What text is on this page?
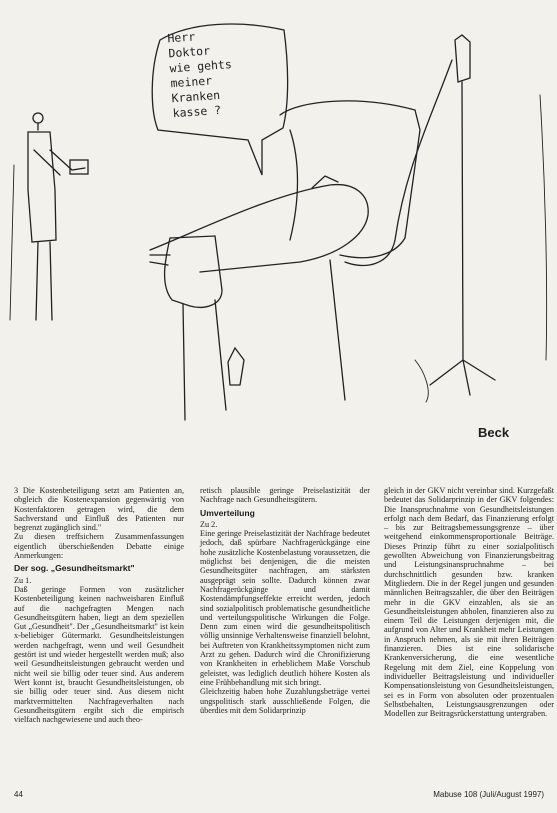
Herr
Doktor
wie gehts
meiner
Kranken
kasse ?
Beck

3 Die Kostenbeteiligung setzt am Patienten an, obgleich die Kostenexpansion gegenwärtig von Kostenfaktoren getragen wird, die dem Sachverstand und Einfluß des Patienten nur begrenzt zugänglich sind."

Zu diesen treffsichern Zusammenfassungen eigentlich überschießenden Debatte einige Anmerkungen:

Der sog. „Gesundheitsmarkt"

Zu 1.

Daß geringe Formen von zusätzlicher Kostenbeteiligung keinen nachweisbaren Einfluß auf die nachgefragten Mengen nach Gesundheitsgütern haben, liegt an dem speziellen Gut „Gesundheit". Der „Gesundheitsmarkt" ist kein x-beliebiger Gütermarkt. Gesundheitsleistungen werden nachgefragt, wenn und weil Gesundheit gestört ist und wieder hergestellt werden muß; also weil Gesundheitsleistungen gebraucht werden und nicht weil sie billig oder teuer sind. Aus anderem Wert konnt ist, braucht Gesundheitsleistungen, ob sie billig oder teuer sind. Aus diesem nicht marktvermittelten Nachfrageverhalten nach Gesundheitsgütern ergibt sich die empirisch vielfach nachgewiesene und auch theo-

retisch plausible geringe Preiselastizität der Nachfrage nach Gesundheitsgütern.

Umverteilung

Zu 2.

Eine geringe Preiselastizität der Nachfrage bedeutet jedoch, daß spürbare Nachfragerückgänge eine hohe zusätzliche Kostenbelastung voraussetzen, die möglichst bei denjenigen, die die meisten Gesundheitsgüter nachfragen, am stärksten ausgeprägt sein sollte. Dadurch können zwar Nachfragerückgänge und damit Kostendämpfungseffekte erreicht werden, jedoch sind sozialpolitisch problematische gesundheitliche und verteilungspolitische Wirkungen die Folge. Denn zum einen wird die gesundheitspolitisch völlig unsinnige Verhaltensweise finanziell belohnt, bei Auftreten von Krankheitssymptomen nicht zum Arzt zu gehen. Dadurch wird die Chronifizierung von Krankheiten in erheblichem Maße Vorschub geleistet, was lediglich deutlich höhere Kosten als eine Frühbehandlung mit sich bringt.

Gleichzeitig haben hohe Zuzahlungsbeträge vertei ungspolitisch stark ausschließende Folgen, die überdies mit dem Solidarprinzip

gleich in der GKV nicht vereinbar sind. Kurzgefaßt bedeutet das Solidarprinzip in der GKV folgendes: Die Inanspruchnahme von Gesundheitsleistungen erfolgt nach dem Bedarf, das Finanzierung erfolgt – bis zur Beitragsbemessungsgrenze – über weitgehend einkommensproportionale Beiträge. Dieses Prinzip führt zu einer sozialpolitisch gewollten Abweichung von Finanzierungsbeitrag und Leistungsinanspruchnahme – bei durchschnittlich gesunden bzw. kranken Mitgliedern. Die in der Regel jungen und gesunden männlichen Beitragszahler, die über den Beiträgen mehr in die GKV einzahlen, als sie an Gesundheitsleistungen abholen, finanzieren also zu einem Teil die Leistungen derjenigen mit, die aufgrund von Alter und Krankheit mehr Leistungen in Anspruch nehmen, als sie mit ihren Beiträgen finanzieren. Dies ist eine solidarische Krankenversicherung, die eine wesentliche Regelung mit dem Ziel, eine Koppelung von individueller Beitragsleistung und individueller Kompensationsleistung von Gesundheitsleistungen, sei es in Form von absoluten oder prozentualen Selbstbehalten, Leistungsausgrenzungen oder Modellen zur Beitragsrückerstattung untergraben.

44	Mabuse 108 (Juli/August 1997)
